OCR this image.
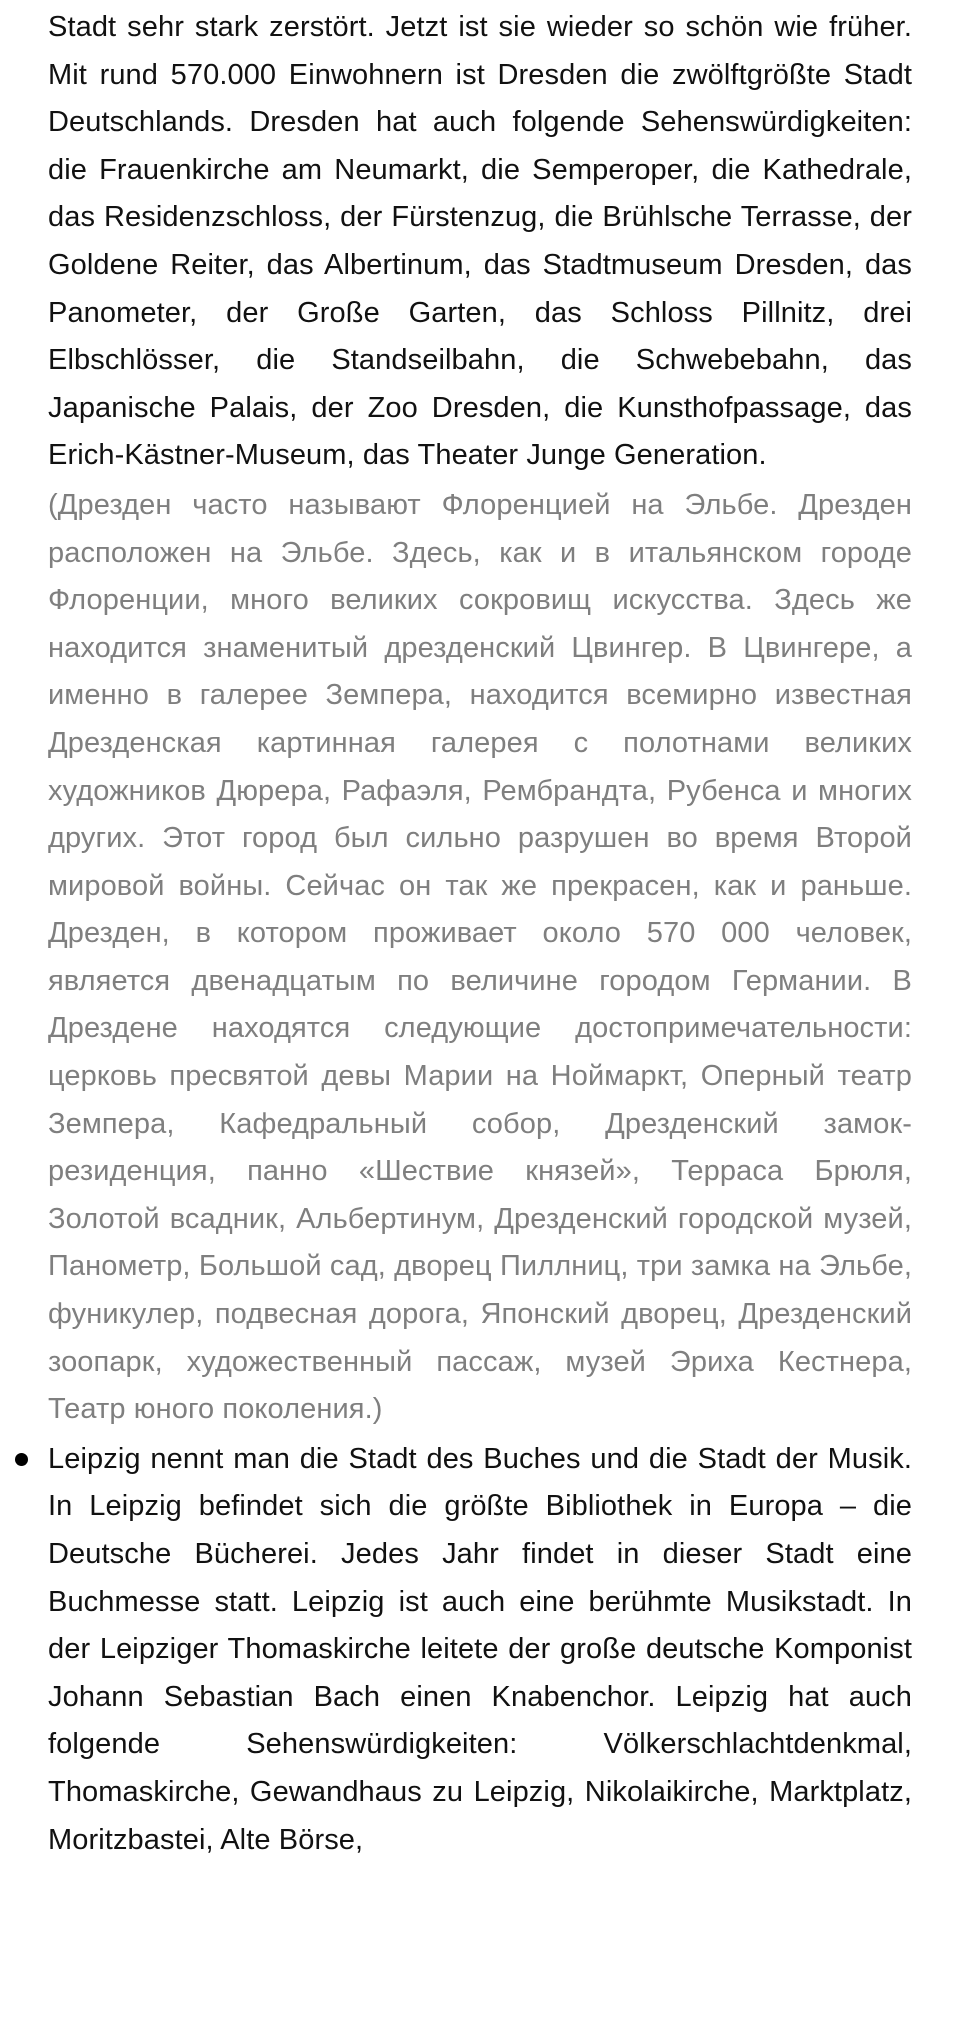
Stadt sehr stark zerstört. Jetzt ist sie wieder so schön wie früher. Mit rund 570.000 Einwohnern ist Dresden die zwölftgrößte Stadt Deutschlands. Dresden hat auch folgende Sehenswürdigkeiten: die Frauenkirche am Neumarkt, die Semperoper, die Kathedrale, das Residenzschloss, der Fürstenzug, die Brühlsche Terrasse, der Goldene Reiter, das Albertinum, das Stadtmuseum Dresden, das Panometer, der Große Garten, das Schloss Pillnitz, drei Elbschlösser, die Standseilbahn, die Schwebebahn, das Japanische Palais, der Zoo Dresden, die Kunsthofpassage, das Erich-Kästner-Museum, das Theater Junge Generation.

(Дрезден часто называют Флоренцией на Эльбе. Дрезден расположен на Эльбе. Здесь, как и в итальянском городе Флоренции, много великих сокровищ искусства. Здесь же находится знаменитый дрезденский Цвингер. В Цвингере, а именно в галерее Земпера, находится всемирно известная Дрезденская картинная галерея с полотнами великих художников Дюрера, Рафаэля, Рембрандта, Рубенса и многих других. Этот город был сильно разрушен во время Второй мировой войны. Сейчас он так же прекрасен, как и раньше. Дрезден, в котором проживает около 570 000 человек, является двенадцатым по величине городом Германии. В Дрездене находятся следующие достопримечательности: церковь пресвятой девы Марии на Ноймаркт, Оперный театр Земпера, Кафедральный собор, Дрезденский замок-резиденция, панно «Шествие князей», Терраса Брюля, Золотой всадник, Альбертинум, Дрезденский городской музей, Панометр, Большой сад, дворец Пиллниц, три замка на Эльбе, фуникулер, подвесная дорога, Японский дворец, Дрезденский зоопарк, художественный пассаж, музей Эриха Кестнера, Театр юного поколения.)

Leipzig nennt man die Stadt des Buches und die Stadt der Musik. In Leipzig befindet sich die größte Bibliothek in Europa – die Deutsche Bücherei. Jedes Jahr findet in dieser Stadt eine Buchmesse statt. Leipzig ist auch eine berühmte Musikstadt. In der Leipziger Thomaskirche leitete der große deutsche Komponist Johann Sebastian Bach einen Knabenchor. Leipzig hat auch folgende Sehenswürdigkeiten: Völkerschlachtdenkmal, Thomaskirche, Gewandhaus zu Leipzig, Nikolaikirche, Marktplatz, Moritzbastei, Alte Börse,
